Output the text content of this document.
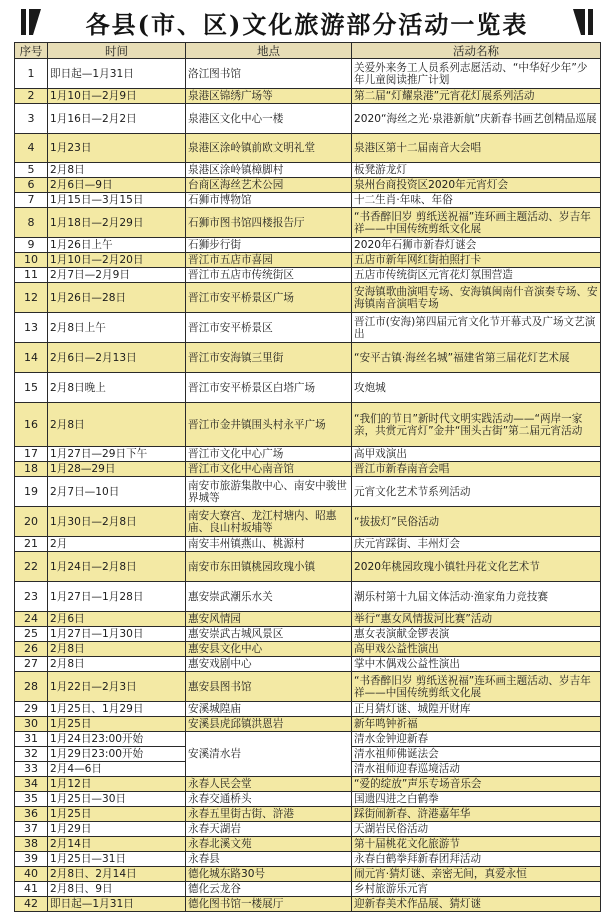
各县(市、区)文化旅游部分活动一览表
序号	时间	地点	活动名称
1	即日起—1月31日	洛江图书馆	关爱外来务工人员系列志愿活动、“中华好少年”少年儿童阅读推广计划
2	1月10日—2月9日	泉港区锦绣广场等	第二届“灯耀泉港”元宵花灯展系列活动
3	1月16日—2月2日	泉港区文化中心一楼	2020“海丝之光·泉港新航”庆新春书画艺创精品巡展
4	1月23日	泉港区涂岭镇前欧文明礼堂	泉港区第十二届南音大会唱
5	2月8日	泉港区涂岭镇樟脚村	板凳游龙灯
6	2月6日—9日	台商区海丝艺术公园	泉州台商投资区2020年元宵灯会
7	1月15日—3月15日	石狮市博物馆	十二生肖·年味、年俗
8	1月18日—2月29日	石狮市图书馆四楼报告厅	“书香醉旧岁 剪纸送祝福”连环画主题活动、岁吉年祥——中国传统剪纸文化展
9	1月26日上午	石狮步行街	2020年石狮市新春灯谜会
10	1月10日—2月20日	晋江市五店市喜园	五店市新年网红街拍照打卡
11	2月7日—2月9日	晋江市五店市传统街区	五店市传统街区元宵花灯氛围营造
12	1月26日—28日	晋江市安平桥景区广场	安海镇歌曲演唱专场、安海镇闽南什音演奏专场、安海镇南音演唱专场
13	2月8日上午	晋江市安平桥景区	晋江市(安海)第四届元宵文化节开幕式及广场文艺演出
14	2月6日—2月13日	晋江市安海镇三里街	“安平古镇·海丝名城”福建省第三届花灯艺术展
15	2月8日晚上	晋江市安平桥景区白塔广场	攻炮城
16	2月8日	晋江市金井镇围头村永平广场	“我们的节日”新时代文明实践活动——“两岸一家亲，共赏元宵灯”金井“围头古街”第二届元宵活动
17	1月27日—29日下午	晋江市文化中心广场	高甲戏演出
18	1月28—29日	晋江市文化中心南音馆	晋江市新春南音会唱
19	2月7日—10日	南安市旅游集散中心、南安中骏世界城等	元宵文化艺术节系列活动
20	1月30日—2月8日	南安大寮宫、龙江村塘内、昭惠庙、良山村坂埔等	“拔拔灯”民俗活动
21	2月	南安丰州镇燕山、桃源村	庆元宵踩街、丰州灯会
22	1月24日—2月8日	南安市东田镇桃园玫瑰小镇	2020年桃园玫瑰小镇牡丹花文化艺术节
23	1月27日—1月28日	惠安崇武潮乐水关	潮乐村第十九届文体活动·渔家角力竞技赛
24	2月6日	惠安风情园	举行“惠女风情拔河比赛”活动
25	1月27日—1月30日	惠安崇武古城风景区	惠女表演献金锣表演
26	2月8日	惠安县文化中心	高甲戏公益性演出
27	2月8日	惠安戏剧中心	掌中木偶戏公益性演出
28	1月22日—2月3日	惠安县图书馆	“书香醉旧岁 剪纸送祝福”连环画主题活动、岁吉年祥——中国传统剪纸文化展
29	1月25日、1月29日	安溪城隍庙	正月猜灯谜、城隍开财库
30	1月25日	安溪县虎邱镇洪恩岩	新年鸣钟祈福
31	1月24日23:00开始	安溪清水岩	清水金钟迎新春
32	1月29日23:00开始		清水祖师佛诞法会
33	2月4—6日		清水祖师迎春巡境活动
34	1月12日	永春人民会堂	“爱的绽放”声乐专场音乐会
35	1月25日—30日	永春交通桥头	国遗四进之白鹤拳
36	1月25日	永春五里街古街、浒港	踩街闹新春、浒港嘉年华
37	1月29日	永春天湖岩	天湖岩民俗活动
38	2月14日	永春北溪文苑	第十届桃花文化旅游节
39	1月25日—31日	永春县	永春白鹤拳拜新春团拜活动
40	2月8日、2月14日	德化城东路30号	闹元宵·猜灯谜、亲密无间，真爱永恒
41	2月8日、9日	德化云龙谷	乡村旅游乐元宵
42	即日起—1月31日	德化图书馆一楼展厅	迎新春美术作品展、猜灯谜
